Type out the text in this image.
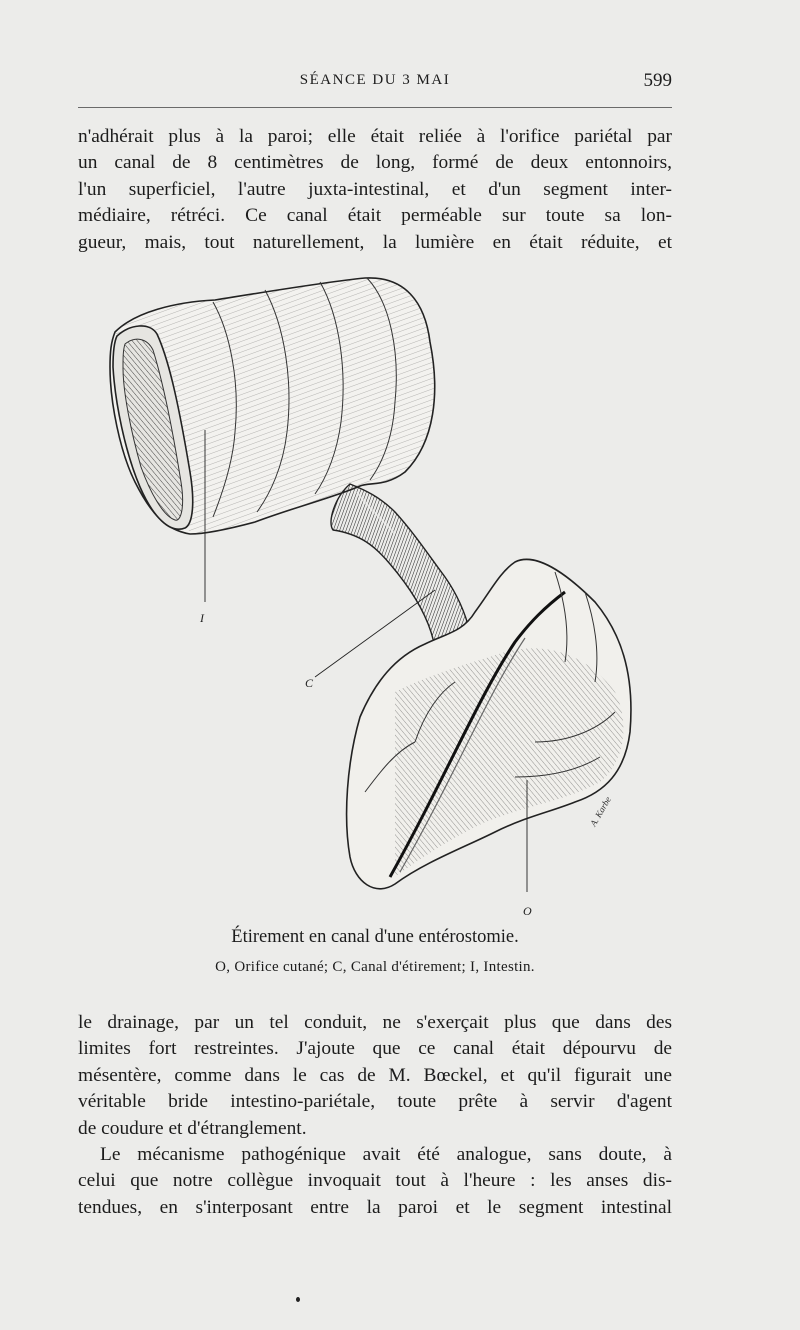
SÉANCE DU 3 MAI	599
n'adhérait plus à la paroi; elle était reliée à l'orifice pariétal par
un canal de 8 centimètres de long, formé de deux entonnoirs,
l'un superficiel, l'autre juxta-intestinal, et d'un segment inter-
médiaire, rétréci. Ce canal était perméable sur toute sa lon-
gueur, mais, tout naturellement, la lumière en était réduite, et
I
C
O
A. Karbe
Étirement en canal d'une entérostomie.
O, Orifice cutané; C, Canal d'étirement; I, Intestin.
le drainage, par un tel conduit, ne s'exerçait plus que dans des
limites fort restreintes. J'ajoute que ce canal était dépourvu de
mésentère, comme dans le cas de M. Bœckel, et qu'il figurait une
véritable bride intestino-pariétale, toute prête à servir d'agent
de coudure et d'étranglement.
Le mécanisme pathogénique avait été analogue, sans doute, à
celui que notre collègue invoquait tout à l'heure : les anses dis-
tendues, en s'interposant entre la paroi et le segment intestinal
